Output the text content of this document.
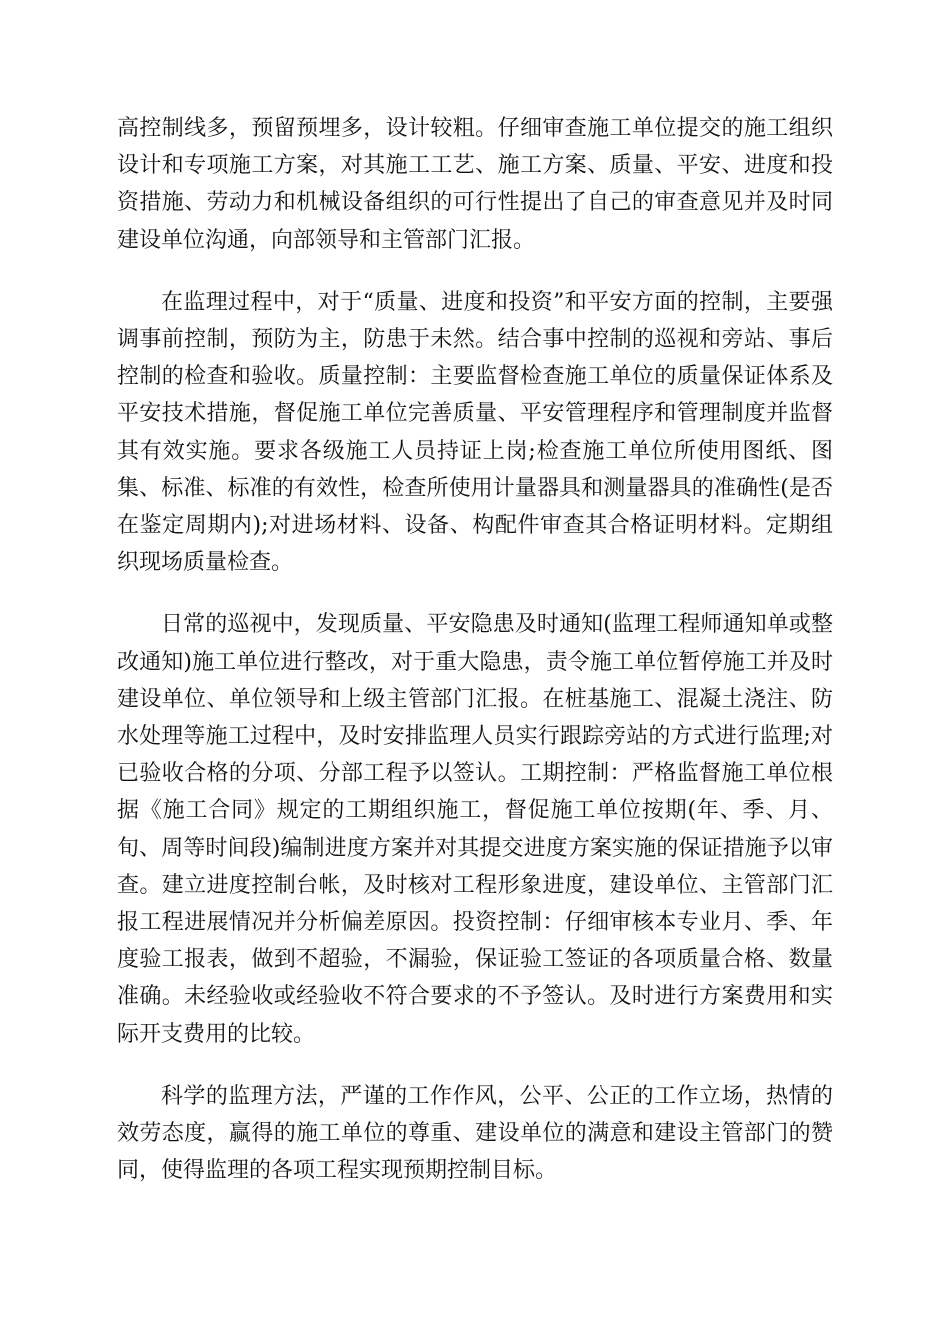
高控制线多，预留预埋多，设计较粗。仔细审查施工单位提交的施工组织设计和专项施工方案，对其施工工艺、施工方案、质量、平安、进度和投资措施、劳动力和机械设备组织的可行性提出了自己的审查意见并及时同建设单位沟通，向部领导和主管部门汇报。

在监理过程中，对于“质量、进度和投资”和平安方面的控制，主要强调事前控制，预防为主，防患于未然。结合事中控制的巡视和旁站、事后控制的检查和验收。质量控制：主要监督检查施工单位的质量保证体系及平安技术措施，督促施工单位完善质量、平安管理程序和管理制度并监督其有效实施。要求各级施工人员持证上岗;检查施工单位所使用图纸、图集、标准、标准的有效性，检查所使用计量器具和测量器具的准确性(是否在鉴定周期内);对进场材料、设备、构配件审查其合格证明材料。定期组织现场质量检查。

日常的巡视中，发现质量、平安隐患及时通知(监理工程师通知单或整改通知)施工单位进行整改，对于重大隐患，责令施工单位暂停施工并及时建设单位、单位领导和上级主管部门汇报。在桩基施工、混凝土浇注、防水处理等施工过程中，及时安排监理人员实行跟踪旁站的方式进行监理;对已验收合格的分项、分部工程予以签认。工期控制：严格监督施工单位根据《施工合同》规定的工期组织施工，督促施工单位按期(年、季、月、旬、周等时间段)编制进度方案并对其提交进度方案实施的保证措施予以审查。建立进度控制台帐，及时核对工程形象进度，建设单位、主管部门汇报工程进展情况并分析偏差原因。投资控制：仔细审核本专业月、季、年度验工报表，做到不超验，不漏验，保证验工签证的各项质量合格、数量准确。未经验收或经验收不符合要求的不予签认。及时进行方案费用和实际开支费用的比较。

科学的监理方法，严谨的工作作风，公平、公正的工作立场，热情的效劳态度，赢得的施工单位的尊重、建设单位的满意和建设主管部门的赞同，使得监理的各项工程实现预期控制目标。
